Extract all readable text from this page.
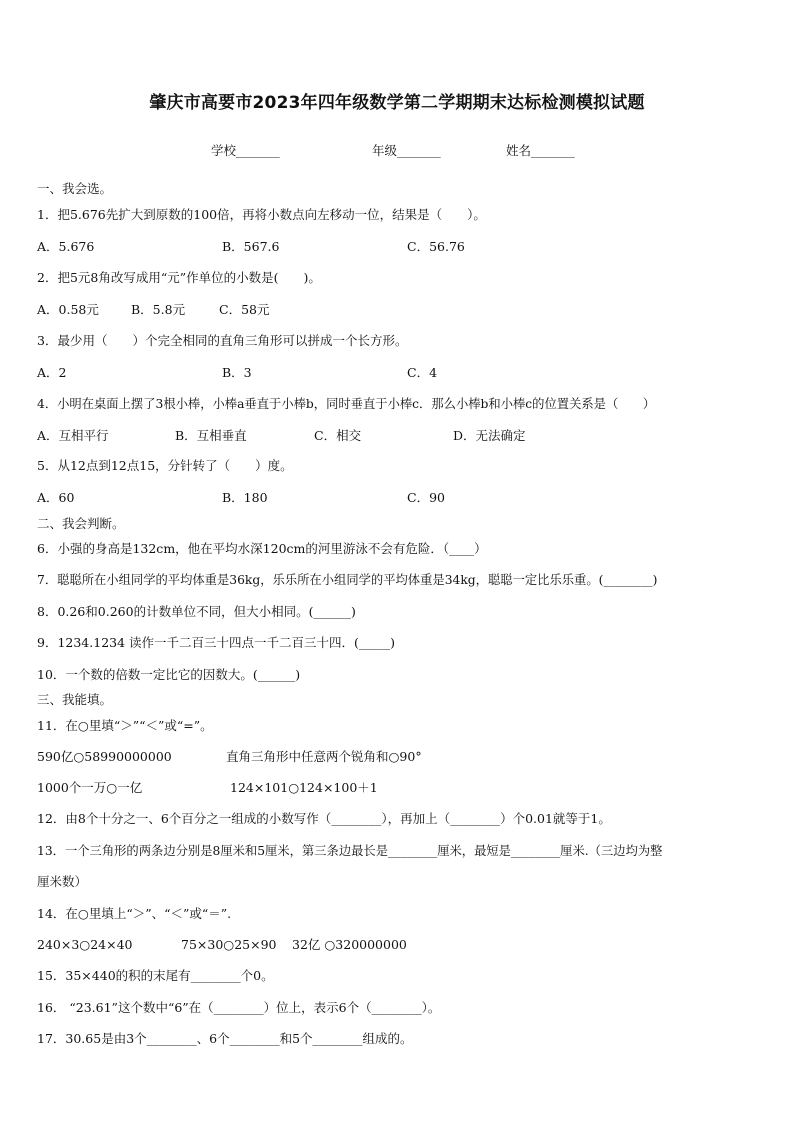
肇庆市高要市2023年四年级数学第二学期期末达标检测模拟试题
学校_______	年级_______	姓名_______
一、我会选。
1．把5.676先扩大到原数的100倍，再将小数点向左移动一位，结果是（　　）。
A．5.676	B．567.6	C．56.76
2．把5元8角改写成用“元”作单位的小数是(　　)。
A．0.58元	B．5.8元	C．58元
3．最少用（　　）个完全相同的直角三角形可以拼成一个长方形。
A．2	B．3	C．4
4．小明在桌面上摆了3根小棒，小棒a垂直于小棒b，同时垂直于小棒c．那么小棒b和小棒c的位置关系是（　　）
A．互相平行	B．互相垂直	C．相交	D．无法确定
5．从12点到12点15，分针转了（　　）度。
A．60	B．180	C．90
二、我会判断。
6．小强的身高是132cm，他在平均水深120cm的河里游泳不会有危险．（____）
7．聪聪所在小组同学的平均体重是36kg，乐乐所在小组同学的平均体重是34kg，聪聪一定比乐乐重。(________)
8．0.26和0.260的计数单位不同，但大小相同。(______)
9．1234.1234 读作一千二百三十四点一千二百三十四．(_____)
10．一个数的倍数一定比它的因数大。(______)
三、我能填。
11．在○里填“＞”“＜”或“=”。
590亿○58990000000	直角三角形中任意两个锐角和○90°
1000个一万○一亿	124×101○124×100＋1
12．由8个十分之一、6个百分之一组成的小数写作（________），再加上（________）个0.01就等于1。
13．一个三角形的两条边分别是8厘米和5厘米，第三条边最长是________厘米，最短是________厘米.（三边均为整
厘米数）
14．在○里填上“＞”、“＜”或“＝”.
240×3○24×40	75×30○25×90 32亿 ○320000000
15．35×440的积的末尾有________个0。
16． “23.61”这个数中“6”在（________）位上，表示6个（________）。
17．30.65是由3个________、6个________和5个________组成的。
